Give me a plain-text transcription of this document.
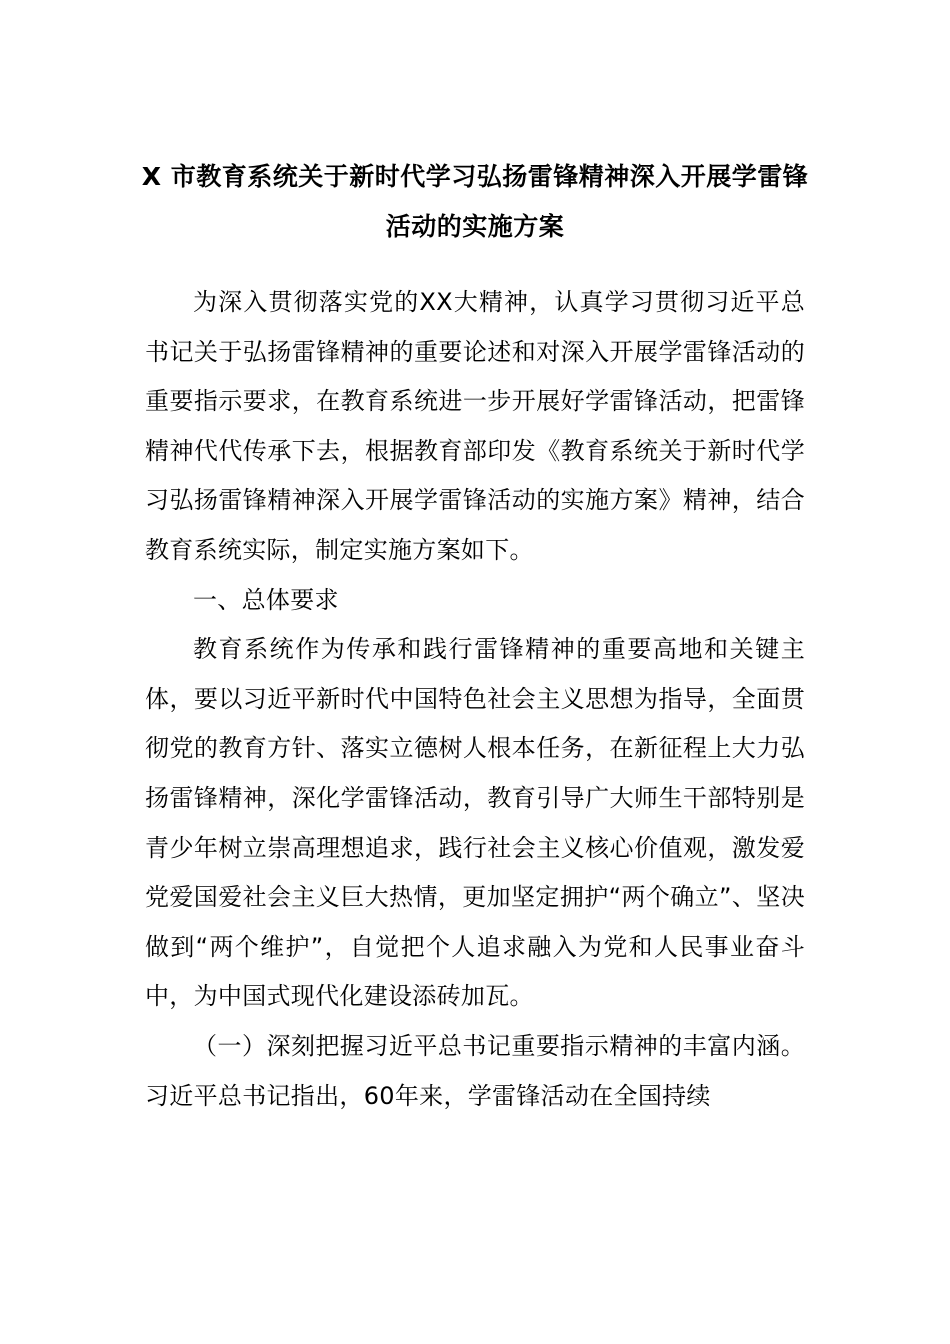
X 市教育系统关于新时代学习弘扬雷锋精神深入开展学雷锋活动的实施方案

为深入贯彻落实党的XX大精神，认真学习贯彻习近平总书记关于弘扬雷锋精神的重要论述和对深入开展学雷锋活动的重要指示要求，在教育系统进一步开展好学雷锋活动，把雷锋精神代代传承下去，根据教育部印发《教育系统关于新时代学习弘扬雷锋精神深入开展学雷锋活动的实施方案》精神，结合教育系统实际，制定实施方案如下。

一、总体要求

教育系统作为传承和践行雷锋精神的重要高地和关键主体，要以习近平新时代中国特色社会主义思想为指导，全面贯彻党的教育方针、落实立德树人根本任务，在新征程上大力弘扬雷锋精神，深化学雷锋活动，教育引导广大师生干部特别是青少年树立崇高理想追求，践行社会主义核心价值观，激发爱党爱国爱社会主义巨大热情，更加坚定拥护“两个确立”、坚决做到“两个维护”，自觉把个人追求融入为党和人民事业奋斗中，为中国式现代化建设添砖加瓦。

（一）深刻把握习近平总书记重要指示精神的丰富内涵。习近平总书记指出，60年来，学雷锋活动在全国持续
